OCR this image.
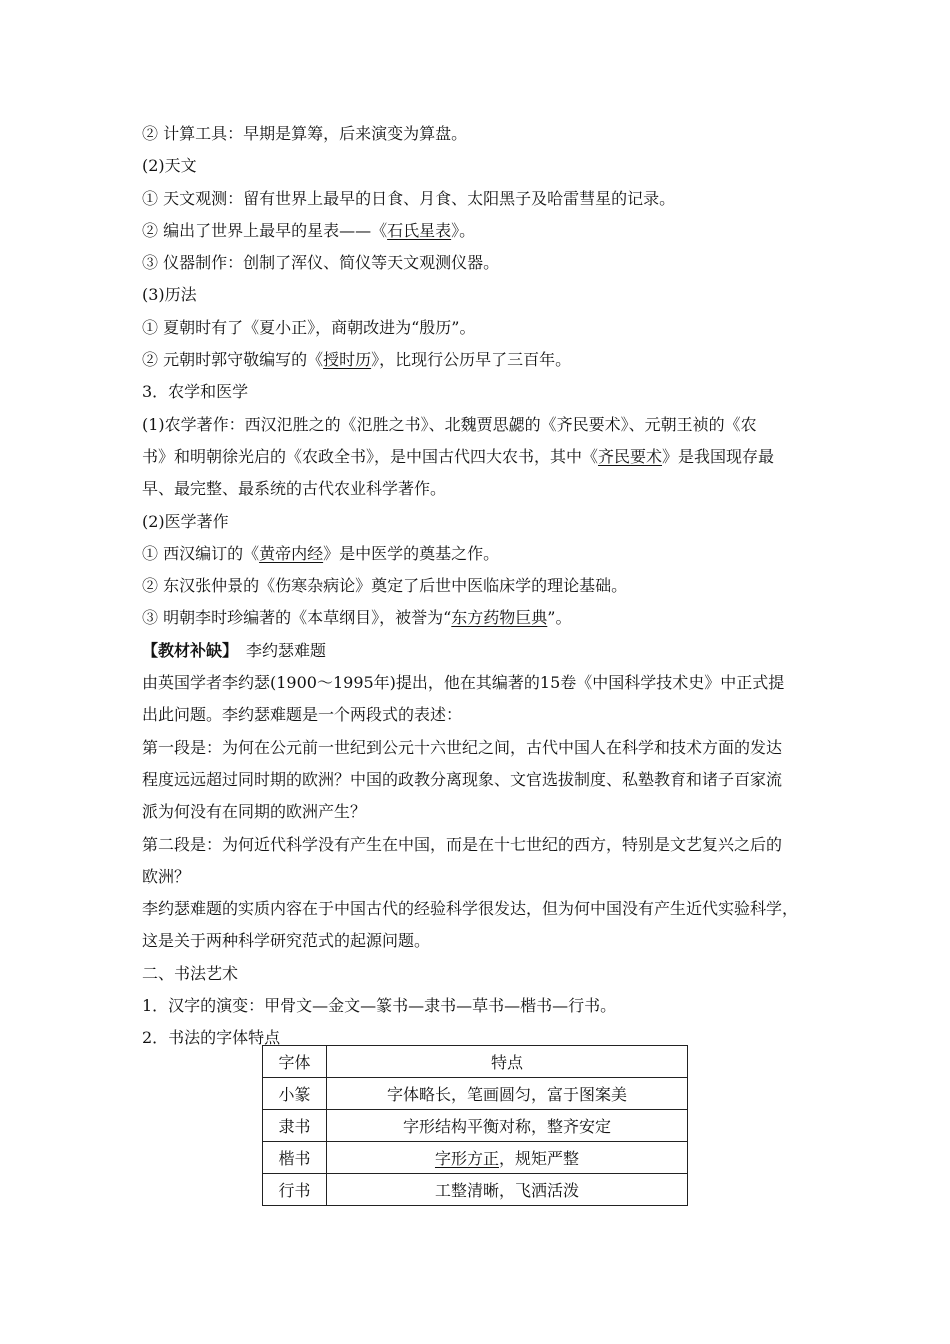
② 计算工具：早期是算筹，后来演变为算盘。
(2)天文
① 天文观测：留有世界上最早的日食、月食、太阳黑子及哈雷彗星的记录。
② 编出了世界上最早的星表——《石氏星表》。
③ 仪器制作：创制了浑仪、简仪等天文观测仪器。
(3)历法
① 夏朝时有了《夏小正》，商朝改进为“殷历”。
② 元朝时郭守敬编写的《授时历》，比现行公历早了三百年。
3．农学和医学
(1)农学著作：西汉氾胜之的《氾胜之书》、北魏贾思勰的《齐民要术》、元朝王祯的《农
书》和明朝徐光启的《农政全书》，是中国古代四大农书，其中《齐民要术》是我国现存最
早、最完整、最系统的古代农业科学著作。
(2)医学著作
① 西汉编订的《黄帝内经》是中医学的奠基之作。
② 东汉张仲景的《伤寒杂病论》奠定了后世中医临床学的理论基础。
③ 明朝李时珍编著的《本草纲目》，被誉为“东方药物巨典”。
【教材补缺】　李约瑟难题
由英国学者李约瑟(1900～1995年)提出，他在其编著的15卷《中国科学技术史》中正式提
出此问题。李约瑟难题是一个两段式的表述：
第一段是：为何在公元前一世纪到公元十六世纪之间，古代中国人在科学和技术方面的发达
程度远远超过同时期的欧洲？中国的政教分离现象、文官选拔制度、私塾教育和诸子百家流
派为何没有在同期的欧洲产生？
第二段是：为何近代科学没有产生在中国，而是在十七世纪的西方，特别是文艺复兴之后的
欧洲？
李约瑟难题的实质内容在于中国古代的经验科学很发达，但为何中国没有产生近代实验科学，
这是关于两种科学研究范式的起源问题。
二、书法艺术
1．汉字的演变：甲骨文—金文—篆书—隶书—草书—楷书—行书。
2．书法的字体特点
字体	特点
小篆	字体略长，笔画圆匀，富于图案美
隶书	字形结构平衡对称，整齐安定
楷书	字形方正，规矩严整
行书	工整清晰，飞洒活泼
